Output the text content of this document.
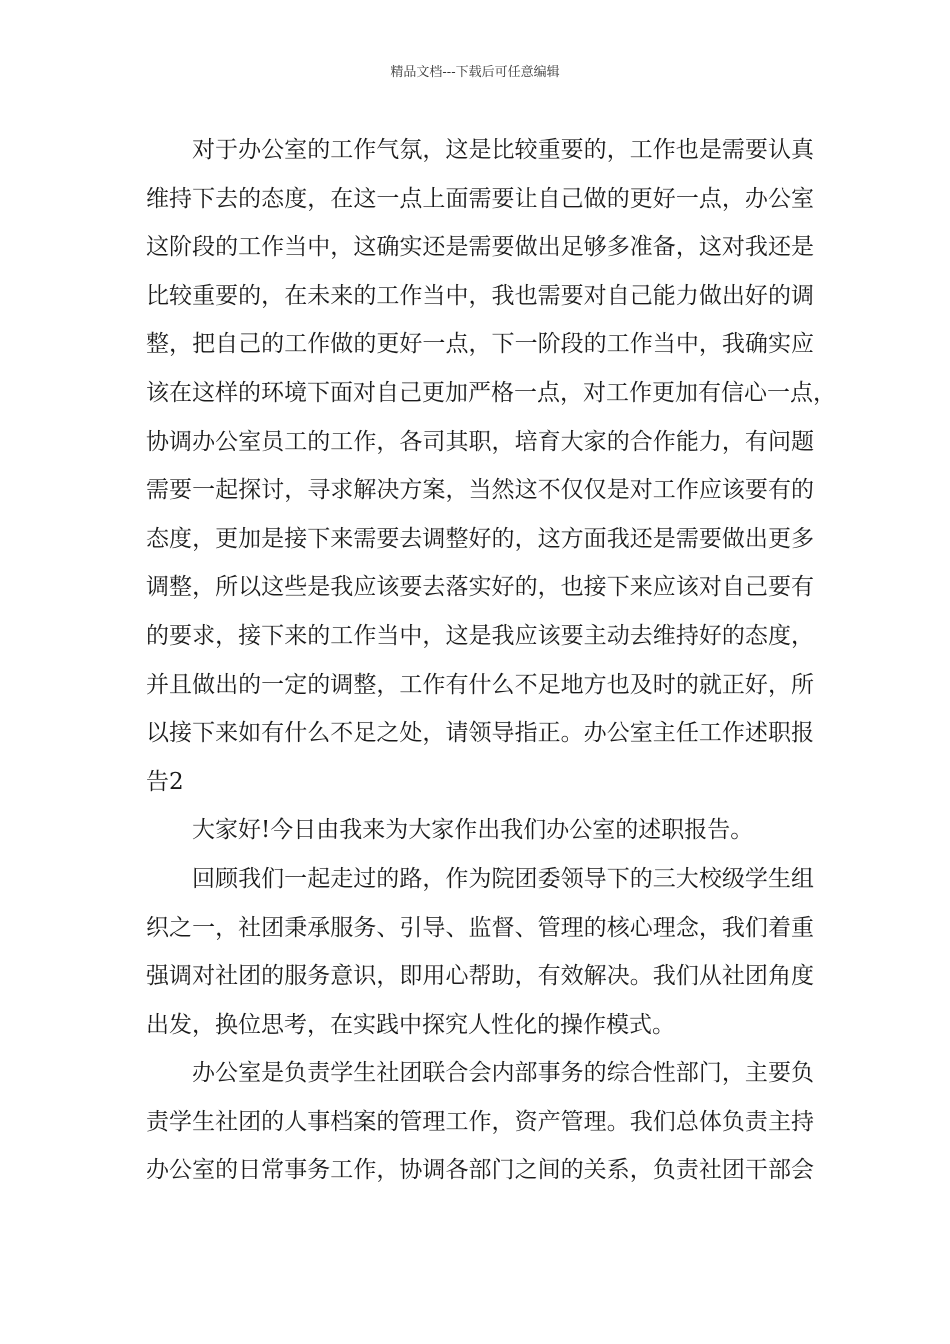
精品文档---下载后可任意编辑
对于办公室的工作气氛，这是比较重要的，工作也是需要认真
维持下去的态度，在这一点上面需要让自己做的更好一点，办公室
这阶段的工作当中，这确实还是需要做出足够多准备，这对我还是
比较重要的，在未来的工作当中，我也需要对自己能力做出好的调
整，把自己的工作做的更好一点，下一阶段的工作当中，我确实应
该在这样的环境下面对自己更加严格一点，对工作更加有信心一点，
协调办公室员工的工作，各司其职，培育大家的合作能力，有问题
需要一起探讨，寻求解决方案，当然这不仅仅是对工作应该要有的
态度，更加是接下来需要去调整好的，这方面我还是需要做出更多
调整，所以这些是我应该要去落实好的，也接下来应该对自己要有
的要求，接下来的工作当中，这是我应该要主动去维持好的态度，
并且做出的一定的调整，工作有什么不足地方也及时的就正好，所
以接下来如有什么不足之处，请领导指正。办公室主任工作述职报
告2
大家好!今日由我来为大家作出我们办公室的述职报告。
回顾我们一起走过的路，作为院团委领导下的三大校级学生组
织之一，社团秉承服务、引导、监督、管理的核心理念，我们着重
强调对社团的服务意识，即用心帮助，有效解决。我们从社团角度
出发，换位思考，在实践中探究人性化的操作模式。
办公室是负责学生社团联合会内部事务的综合性部门，主要负
责学生社团的人事档案的管理工作，资产管理。我们总体负责主持
办公室的日常事务工作，协调各部门之间的关系，负责社团干部会
